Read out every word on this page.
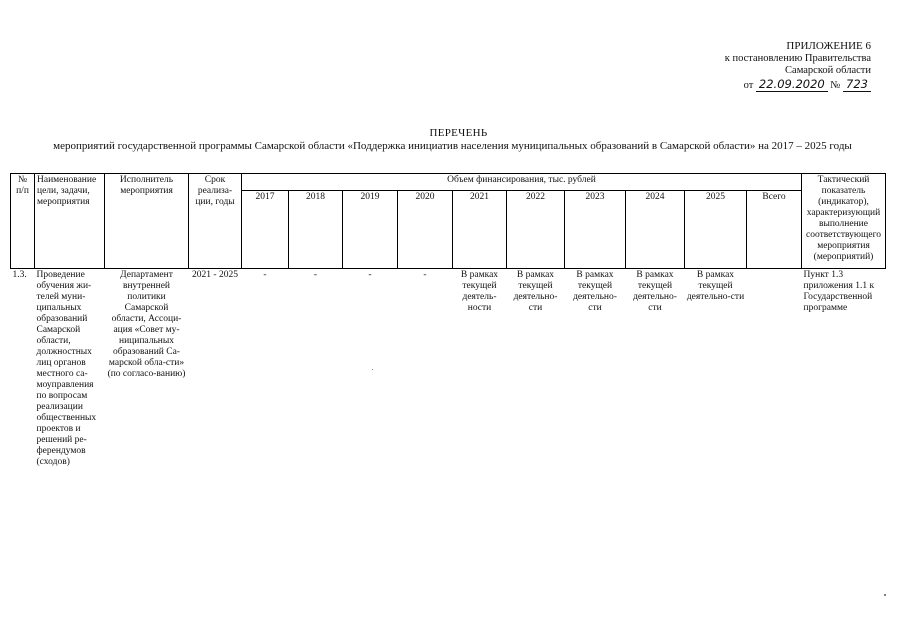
ПРИЛОЖЕНИЕ 6
к постановлению Правительства
Самарской области
от 22.09.2020 № 723
ПЕРЕЧЕНЬ
мероприятий государственной программы Самарской области «Поддержка инициатив населения муниципальных образований в Самарской области» на 2017 – 2025 годы
№ п/п	Наименование цели, задачи, мероприятия	Исполнитель мероприятия	Срок реализа-ции, годы	Объем финансирования, тыс. рублей										Тактический показатель (индикатор), характеризующий выполнение соответствующего мероприятия (мероприятий)
				2017	2018	2019	2020	2021	2022	2023	2024	2025	Всего	
1.3.	Проведение обучения жи-телей муни-ципальных образований Самарской области, должностных лиц органов местного са-моуправления по вопросам реализации общественных проектов и решений ре-ферендумов (сходов)	Департамент внутренней политики Самарской области, Ассоци-ация «Совет му-ниципальных образований Са-марской обла-сти» (по согласо-ванию)	2021 - 2025	-	-	-	-	В рамках текущей деятель-ности	В рамках текущей деятельно-сти	В рамках текущей деятельно-сти	В рамках текущей деятельно-сти	В рамках текущей деятельно-сти		Пункт 1.3 приложения 1.1 к Государственной программе
